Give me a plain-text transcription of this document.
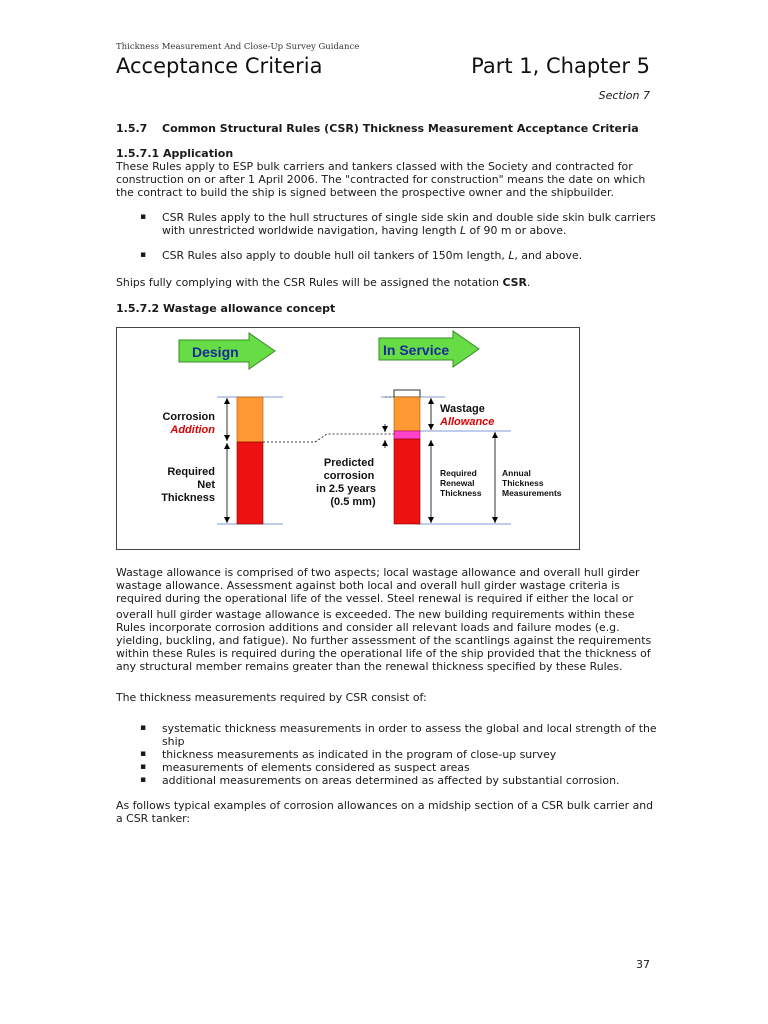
Thickness Measurement And Close-Up Survey Guidance
Acceptance Criteria	Part 1, Chapter 5
Section 7
1.5.7 Common Structural Rules (CSR) Thickness Measurement Acceptance Criteria
1.5.7.1 Application
These Rules apply to ESP bulk carriers and tankers classed with the Society and contracted for
construction on or after 1 April 2006. The "contracted for construction" means the date on which
the contract to build the ship is signed between the prospective owner and the shipbuilder.
▪ CSR Rules apply to the hull structures of single side skin and double side skin bulk carriers
with unrestricted worldwide navigation, having length L of 90 m or above.
▪ CSR Rules also apply to double hull oil tankers of 150m length, L, and above.
Ships fully complying with the CSR Rules will be assigned the notation CSR.
1.5.7.2 Wastage allowance concept
Design	In Service
Corrosion
Addition
Required
Net
Thickness
Predicted
corrosion
in 2.5 years
(0.5 mm)
Wastage
Allowance
Required
Renewal
Thickness
Annual
Thickness
Measurements
Wastage allowance is comprised of two aspects; local wastage allowance and overall hull girder
wastage allowance. Assessment against both local and overall hull girder wastage criteria is
required during the operational life of the vessel. Steel renewal is required if either the local or
overall hull girder wastage allowance is exceeded. The new building requirements within these
Rules incorporate corrosion additions and consider all relevant loads and failure modes (e.g.
yielding, buckling, and fatigue). No further assessment of the scantlings against the requirements
within these Rules is required during the operational life of the ship provided that the thickness of
any structural member remains greater than the renewal thickness specified by these Rules.
The thickness measurements required by CSR consist of:
▪ systematic thickness measurements in order to assess the global and local strength of the
ship
▪ thickness measurements as indicated in the program of close-up survey
▪ measurements of elements considered as suspect areas
▪ additional measurements on areas determined as affected by substantial corrosion.
As follows typical examples of corrosion allowances on a midship section of a CSR bulk carrier and
a CSR tanker:
37
